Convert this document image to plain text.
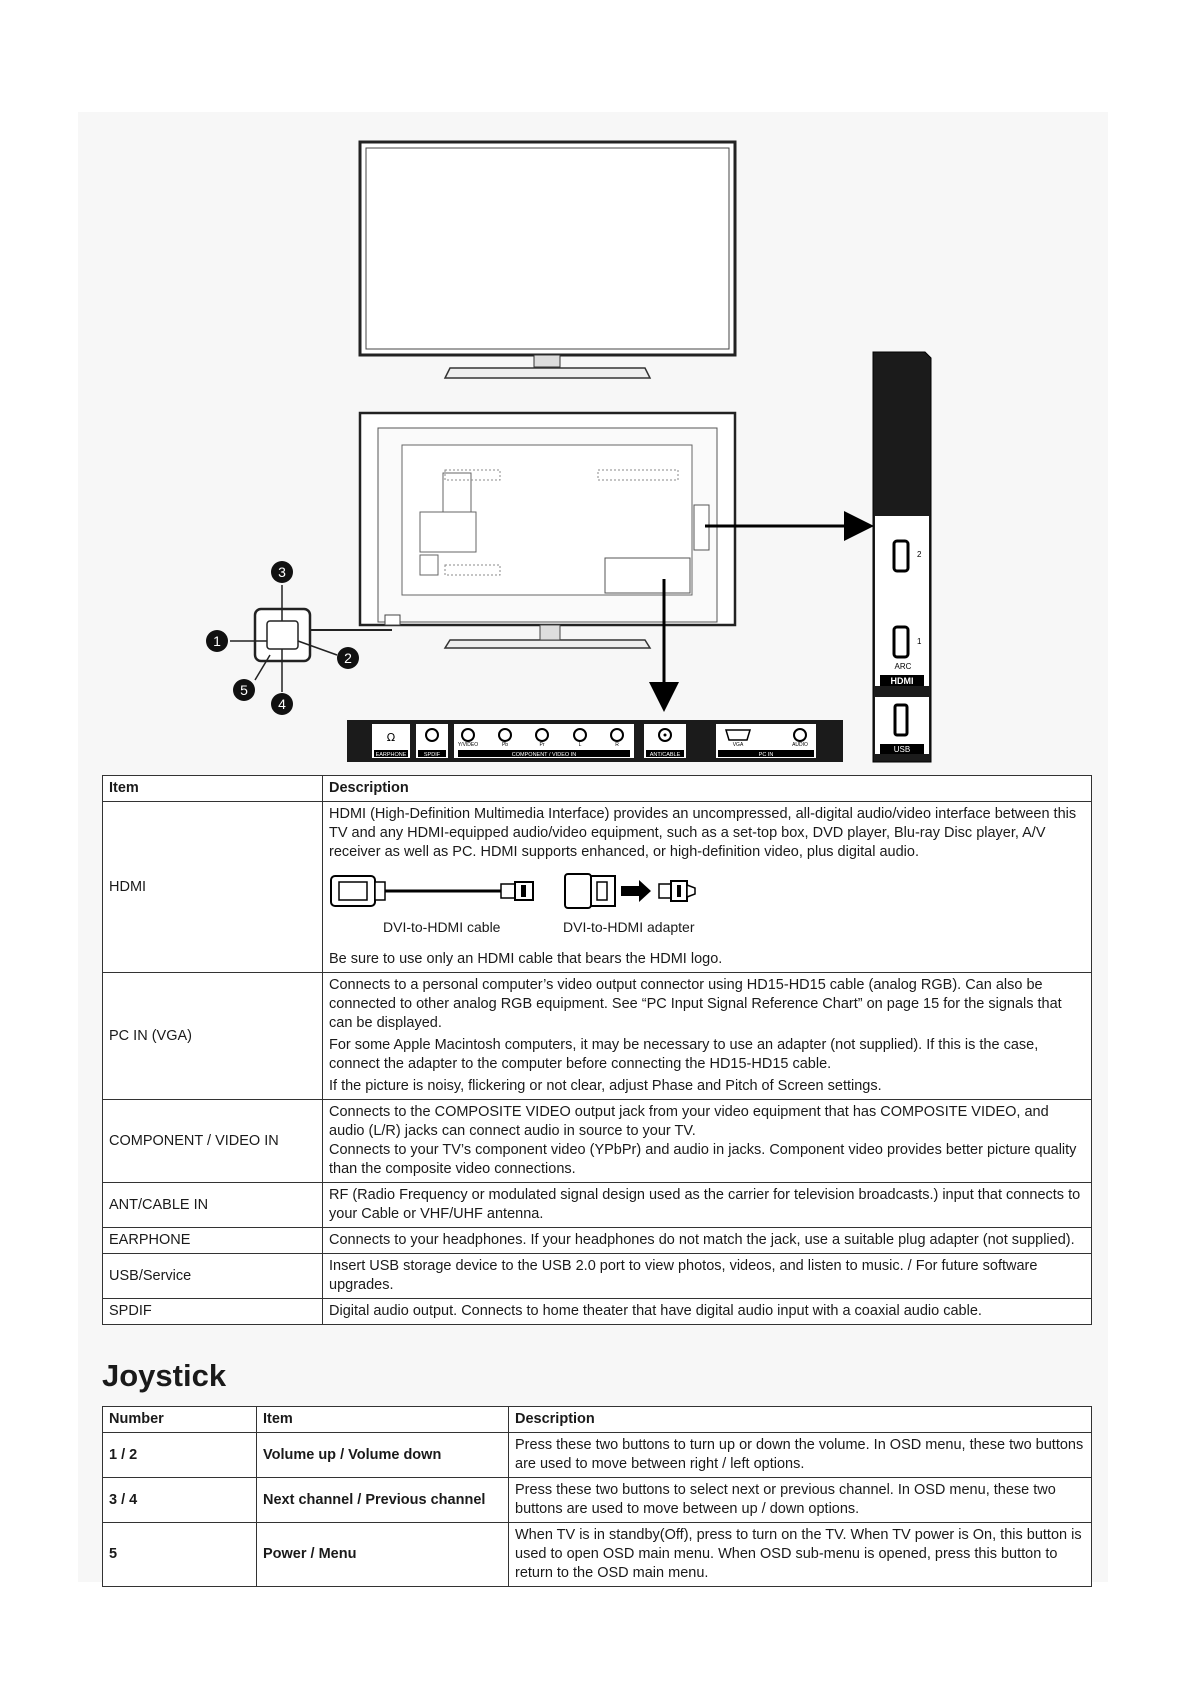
1
2
3
4
5
2
1
ARC
HDMI
USB
Ω
EARPHONE	SPDIF
Y/VIDEO	Pb	Pr	L	R
COMPONENT / VIDEO IN	ANT/CABLE
VGA	AUDIO
PC IN
Item	Description
HDMI	HDMI (High-Definition Multimedia Interface) provides an uncompressed, all-digital audio/video interface between this TV and any HDMI-equipped audio/video equipment, such as a set-top box, DVD player, Blu-ray Disc player, A/V receiver as well as PC. HDMI supports enhanced, or high-definition video, plus digital audio.

DVI-to-HDMI cable DVI-to-HDMI adapter

Be sure to use only an HDMI cable that bears the HDMI logo.

PC IN (VGA)	Connects to a personal computer’s video output connector using HD15-HD15 cable (analog RGB). Can also be connected to other analog RGB equipment. See “PC Input Signal Reference Chart” on page 15 for the signals that can be displayed.

For some Apple Macintosh computers, it may be necessary to use an adapter (not supplied). If this is the case, connect the adapter to the computer before connecting the HD15-HD15 cable.

If the picture is noisy, flickering or not clear, adjust Phase and Pitch of Screen settings.

COMPONENT / VIDEO IN	Connects to the COMPOSITE VIDEO output jack from your video equipment that has COMPOSITE VIDEO, and audio (L/R) jacks can connect audio in source to your TV.

Connects to your TV’s component video (YPbPr) and audio in jacks. Component video provides better picture quality than the composite video connections.

ANT/CABLE IN	RF (Radio Frequency or modulated signal design used as the carrier for television broadcasts.) input that connects to your Cable or VHF/UHF antenna.

EARPHONE	Connects to your headphones. If your headphones do not match the jack, use a suitable plug adapter (not supplied).

USB/Service	Insert USB storage device to the USB 2.0 port to view photos, videos, and listen to music. / For future software upgrades.

SPDIF	Digital audio output. Connects to home theater that have digital audio input with a coaxial audio cable.

Joystick
Number	Item	Description
1 / 2	Volume up / Volume down	Press these two buttons to turn up or down the volume. In OSD menu, these two buttons are used to move between right / left options.
3 / 4	Next channel / Previous channel	Press these two buttons to select next or previous channel. In OSD menu, these two buttons are used to move between up / down options.
5	Power / Menu	When TV is in standby(Off), press to turn on the TV. When TV power is On, this button is used to open OSD main menu. When OSD sub-menu is opened, press this button to return to the OSD main menu.
